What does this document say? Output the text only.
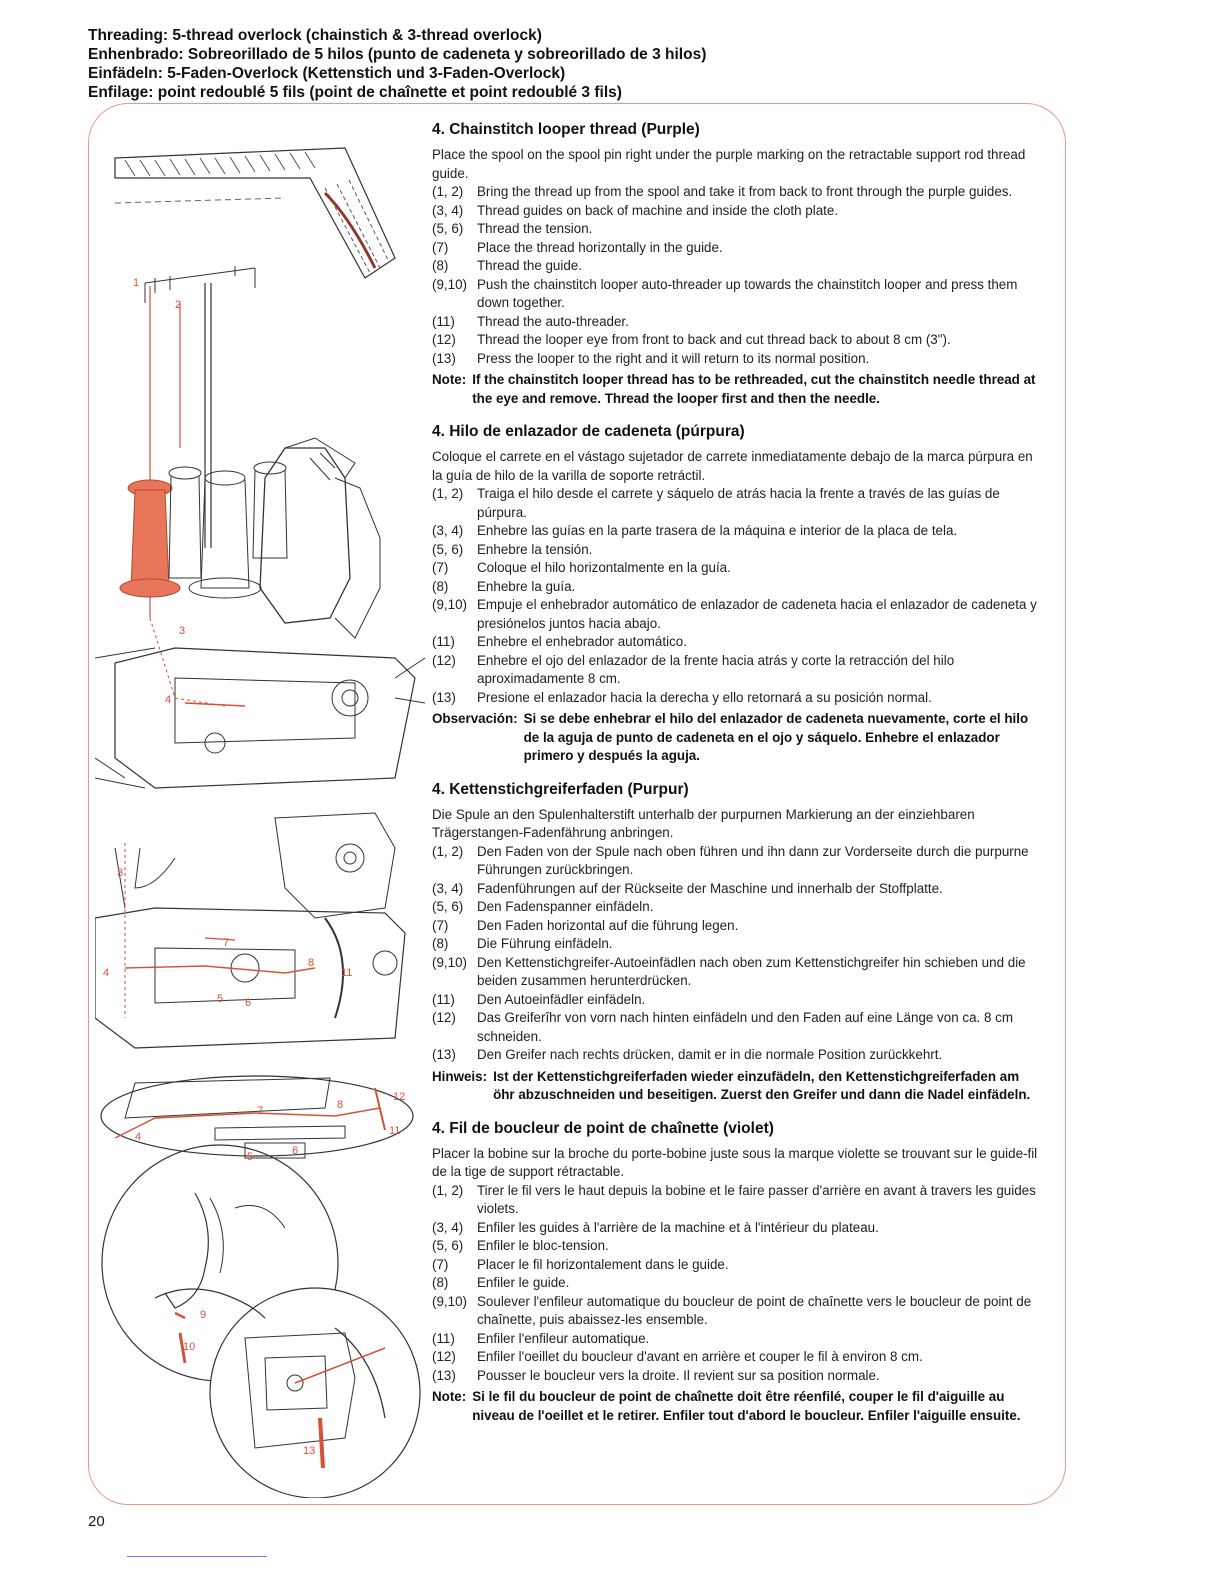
Threading: 5-thread overlock (chainstich & 3-thread overlock)
Enhenbrado: Sobreorillado de 5 hilos (punto de cadeneta y sobreorillado de 3 hilos)
Einfädeln: 5-Faden-Overlock (Kettenstich und 3-Faden-Overlock)
Enfilage: point redoublé 5 fils (point de chaînette et point redoublé 3 fils)
1
2
3
4
3
4
5 6
7
8
11
4
5	6
7	8
11
12
9
10
13
4. Chainstitch looper thread (Purple)

Place the spool on the spool pin right under the purple marking on the retractable support rod thread guide.

(1, 2)	Bring the thread up from the spool and take it from back to front through the purple guides.
(3, 4)	Thread guides on back of machine and inside the cloth plate.
(5, 6)	Thread the tension.
(7)	Place the thread horizontally in the guide.
(8)	Thread the guide.
(9,10) Push the chainstitch looper auto-threader up towards the chainstitch looper and press them down together.
(11)	Thread the auto-threader.
(12)	Thread the looper eye from front to back and cut thread back to about 8 cm (3").
(13)	Press the looper to the right and it will return to its normal position.
Note: If the chainstitch looper thread has to be rethreaded, cut the chainstitch needle thread at the eye and remove. Thread the looper first and then the needle.
4. Hilo de enlazador de cadeneta (púrpura)

Coloque el carrete en el vástago sujetador de carrete inmediatamente debajo de la marca púrpura en la guía de hilo de la varilla de soporte retráctil.

(1, 2)	Traiga el hilo desde el carrete y sáquelo de atrás hacia la frente a través de las guías de púrpura.
(3, 4)	Enhebre las guías en la parte trasera de la máquina e interior de la placa de tela.
(5, 6)	Enhebre la tensión.
(7)	Coloque el hilo horizontalmente en la guía.
(8)	Enhebre la guía.
(9,10) Empuje el enhebrador automático de enlazador de cadeneta hacia el enlazador de cadeneta y presiónelos juntos hacia abajo.
(11)	Enhebre el enhebrador automático.
(12)	Enhebre el ojo del enlazador de la frente hacia atrás y corte la retracción del hilo aproximadamente 8 cm.
(13)	Presione el enlazador hacia la derecha y ello retornará a su posición normal.
Observación: Si se debe enhebrar el hilo del enlazador de cadeneta nuevamente, corte el hilo de la aguja de punto de cadeneta en el ojo y sáquelo. Enhebre el enlazador primero y después la aguja.
4. Kettenstichgreiferfaden (Purpur)

Die Spule an den Spulenhalterstift unterhalb der purpurnen Markierung an der einziehbaren Trägerstangen-Fadenfährung anbringen.

(1, 2)	Den Faden von der Spule nach oben führen und ihn dann zur Vorderseite durch die purpurne Führungen zurückbringen.
(3, 4)	Fadenführungen auf der Rückseite der Maschine und innerhalb der Stoffplatte.
(5, 6)	Den Fadenspanner einfädeln.
(7)	Den Faden horizontal auf die führung legen.
(8)	Die Führung einfädeln.
(9,10) Den Kettenstichgreifer-Autoeinfädlen nach oben zum Kettenstichgreifer hin schieben und die beiden zusammen herunterdrücken.
(11)	Den Autoeinfädler einfädeln.
(12)	Das Greiferîhr von vorn nach hinten einfädeln und den Faden auf eine Länge von ca. 8 cm schneiden.
(13)	Den Greifer nach rechts drücken, damit er in die normale Position zurückkehrt.
Hinweis: Ist der Kettenstichgreiferfaden wieder einzufädeln, den Kettenstichgreiferfaden am öhr abzuschneiden und beseitigen. Zuerst den Greifer und dann die Nadel einfädeln.
4. Fil de boucleur de point de chaînette (violet)

Placer la bobine sur la broche du porte-bobine juste sous la marque violette se trouvant sur le guide-fil de la tige de support rétractable.

(1, 2)	Tirer le fil vers le haut depuis la bobine et le faire passer d'arrière en avant à travers les guides violets.
(3, 4)	Enfiler les guides à l'arrière de la machine et à l'intérieur du plateau.
(5, 6)	Enfiler le bloc-tension.
(7)	Placer le fil horizontalement dans le guide.
(8)	Enfiler le guide.
(9,10) Soulever l'enfileur automatique du boucleur de point de chaînette vers le boucleur de point de chaînette, puis abaissez-les ensemble.
(11)	Enfiler l'enfileur automatique.
(12)	Enfiler l'oeillet du boucleur d'avant en arrière et couper le fil à environ 8 cm.
(13)	Pousser le boucleur vers la droite. Il revient sur sa position normale.
Note: Si le fil du boucleur de point de chaînette doit être réenfilé, couper le fil d'aiguille au niveau de l'oeillet et le retirer. Enfiler tout d'abord le boucleur. Enfiler l'aiguille ensuite.
20
